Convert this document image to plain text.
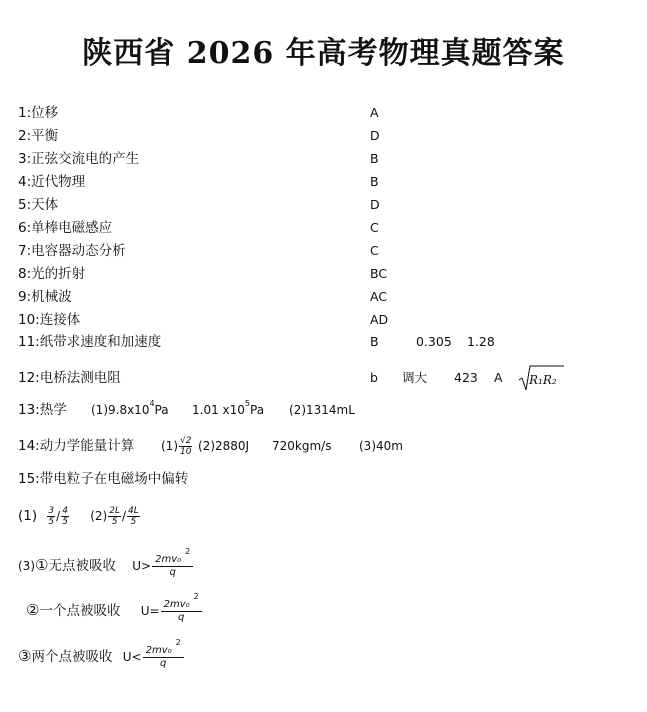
陕西省 2026 年高考物理真题答案
1:位移	A
2:平衡	D
3:正弦交流电的产生	B
4:近代物理	B
5:天体	D
6:单棒电磁感应	C
7:电容器动态分析	C
8:光的折射	BC
9:机械波	AC
10:连接体	AD
11:纸带求速度和加速度	B	0.305 1.28
12:电桥法测电阻	b 调大 423 A R₁R₂
13:热学 $(1)9.8x10^4Pa$ 1.01 $x10^5Pa$ (2)1314mL
14:动力学能量计算 $(1) \frac{√2}{10} (2)2880J$ 720kgm/s (3)40m
15:带电粒子在电磁场中偏转
$(1) \frac{3}{5} / \frac{4}{5} (2) \frac{2L}{5} / \frac{4L}{5}$
(3)①无点被吸收 $U> \frac{2mv_0^2}{q}$
②一个点被吸收 $U= \frac{2mv_0^2}{q}$
③两个点被吸收 $U< \frac{2mv_0^2}{q}$
